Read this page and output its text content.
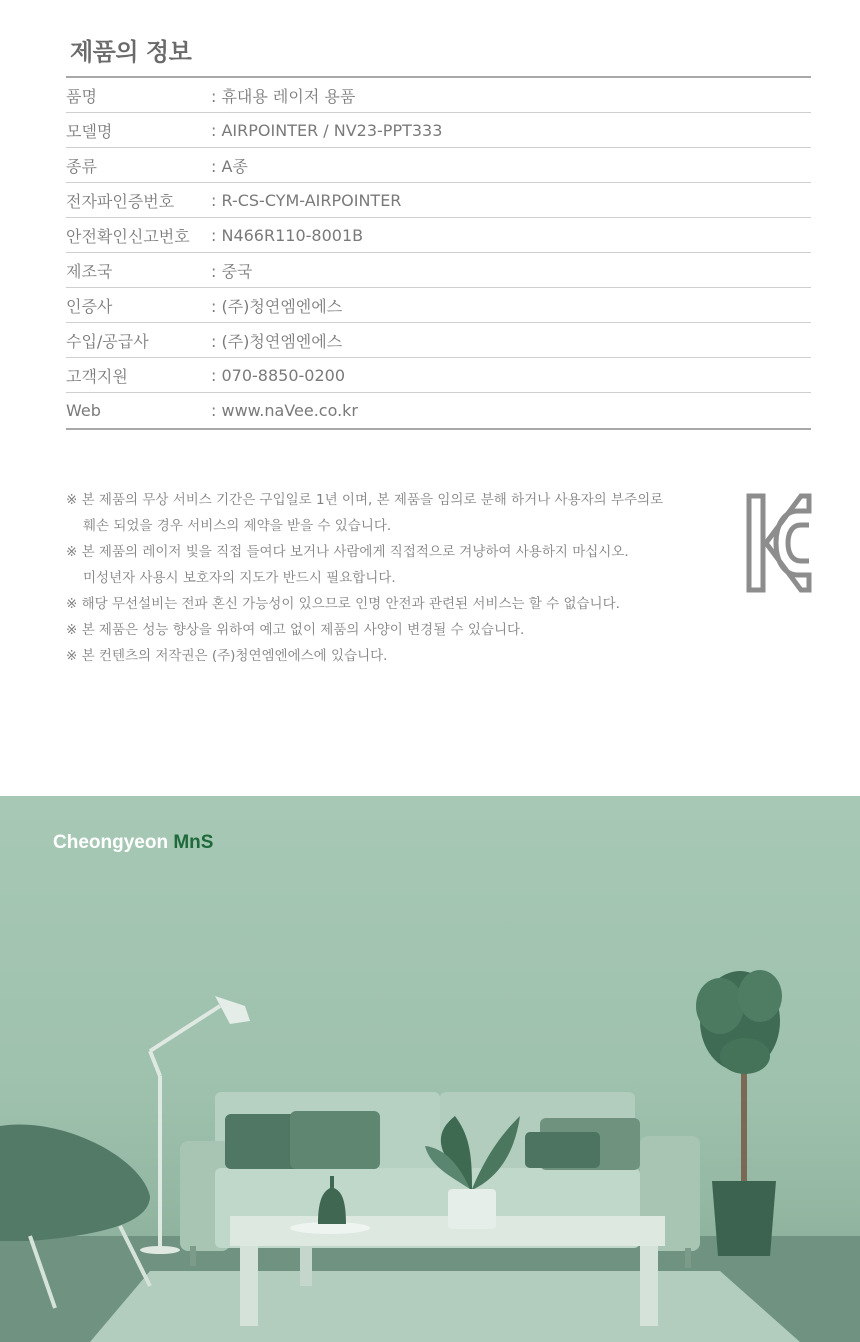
제품의 정보
품명	: 휴대용 레이저 용품
모델명	: AIRPOINTER / NV23-PPT333
종류	: A종
전자파인증번호	: R-CS-CYM-AIRPOINTER
안전확인신고번호	: N466R110-8001B
제조국	: 중국
인증사	: (주)청연엠엔에스
수입/공급사	: (주)청연엠엔에스
고객지원	: 070-8850-0200
Web	: www.naVee.co.kr

※ 본 제품의 무상 서비스 기간은 구입일로 1년 이며, 본 제품을 임의로 분해 하거나 사용자의 부주의로
훼손 되었을 경우 서비스의 제약을 받을 수 있습니다.

※ 본 제품의 레이저 빛을 직접 들여다 보거나 사람에게 직접적으로 겨냥하여 사용하지 마십시오.
미성년자 사용시 보호자의 지도가 반드시 필요합니다.

※ 해당 무선설비는 전파 혼신 가능성이 있으므로 인명 안전과 관련된 서비스는 할 수 없습니다.

※ 본 제품은 성능 향상을 위하여 예고 없이 제품의 사양이 변경될 수 있습니다.

※ 본 컨텐츠의 저작권은 (주)청연엠엔에스에 있습니다.

Cheongyeon MnS
